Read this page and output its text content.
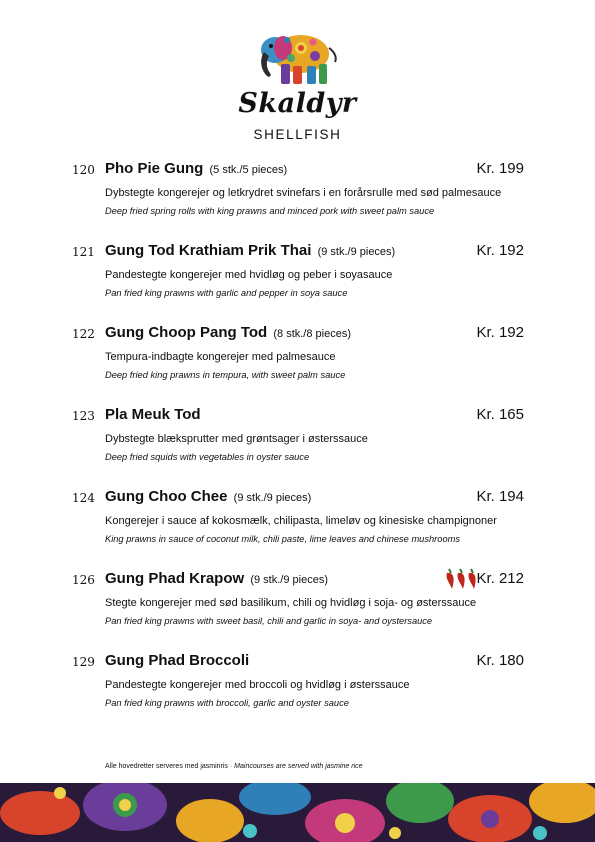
Skaldyr
SHELLFISH
120 Pho Pie Gung (5 stk./5 pieces)	Kr. 199
Dybstegte kongerejer og letkrydret svinefars i en forårsrulle med sød palmesauce
Deep fried spring rolls with king prawns and minced pork with sweet palm sauce
121 Gung Tod Krathiam Prik Thai (9 stk./9 pieces)	Kr. 192
Pandestegte kongerejer med hvidløg og peber i soyasauce
Pan fried king prawns with garlic and pepper in soya sauce
122 Gung Choop Pang Tod (8 stk./8 pieces)	Kr. 192
Tempura-indbagte kongerejer med palmesauce
Deep fried king prawns in tempura, with sweet palm sauce
123 Pla Meuk Tod	Kr. 165
Dybstegte blæksprutter med grøntsager i østerssauce
Deep fried squids with vegetables in oyster sauce
124 Gung Choo Chee (9 stk./9 pieces)	Kr. 194
Kongerejer i sauce af kokosmælk, chilipasta, limeløv og kinesiske champignoner
King prawns in sauce of coconut milk, chili paste, lime leaves and chinese mushrooms
126 Gung Phad Krapow (9 stk./9 pieces)	Kr. 212
Stegte kongerejer med sød basilikum, chili og hvidløg i soja- og østerssauce
Pan fried king prawns with sweet basil, chili and garlic in soya- and oystersauce
129 Gung Phad Broccoli	Kr. 180
Pandestegte kongerejer med broccoli og hvidløg i østerssauce
Pan fried king prawns with broccoli, garlic and oyster sauce
Alle hovedretter serveres med jasminris · Maincourses are served with jasmine rice
